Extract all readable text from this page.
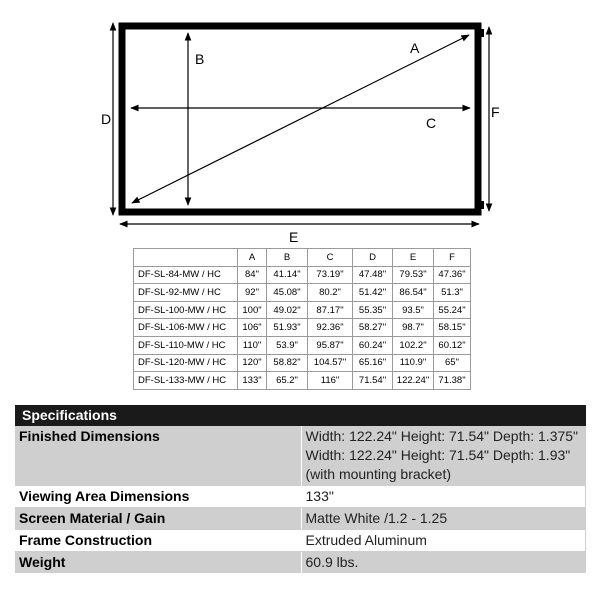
A
B
C
D
E
F
	A	B	C	D	E	F
DF-SL-84-MW / HC	84"	41.14"	73.19"	47.48"	79.53"	47.36"
DF-SL-92-MW / HC	92"	45.08"	80.2"	51.42"	86.54"	51.3"
DF-SL-100-MW / HC	100"	49.02"	87.17"	55.35"	93.5"	55.24"
DF-SL-106-MW / HC	106"	51.93"	92.36"	58.27"	98.7"	58.15"
DF-SL-110-MW / HC	110"	53.9"	95.87"	60.24"	102.2"	60.12"
DF-SL-120-MW / HC	120"	58.82"	104.57"	65.16"	110.9"	65"
DF-SL-133-MW / HC	133"	65.2"	116"	71.54"	122.24"	71.38"
Specifications	
Finished Dimensions	Width: 122.24" Height: 71.54" Depth: 1.375"
Width: 122.24" Height: 71.54" Depth: 1.93" (with mounting bracket)

Viewing Area Dimensions	133"
Screen Material / Gain	Matte White /1.2 - 1.25
Frame Construction	Extruded Aluminum
Weight	60.9 lbs.
